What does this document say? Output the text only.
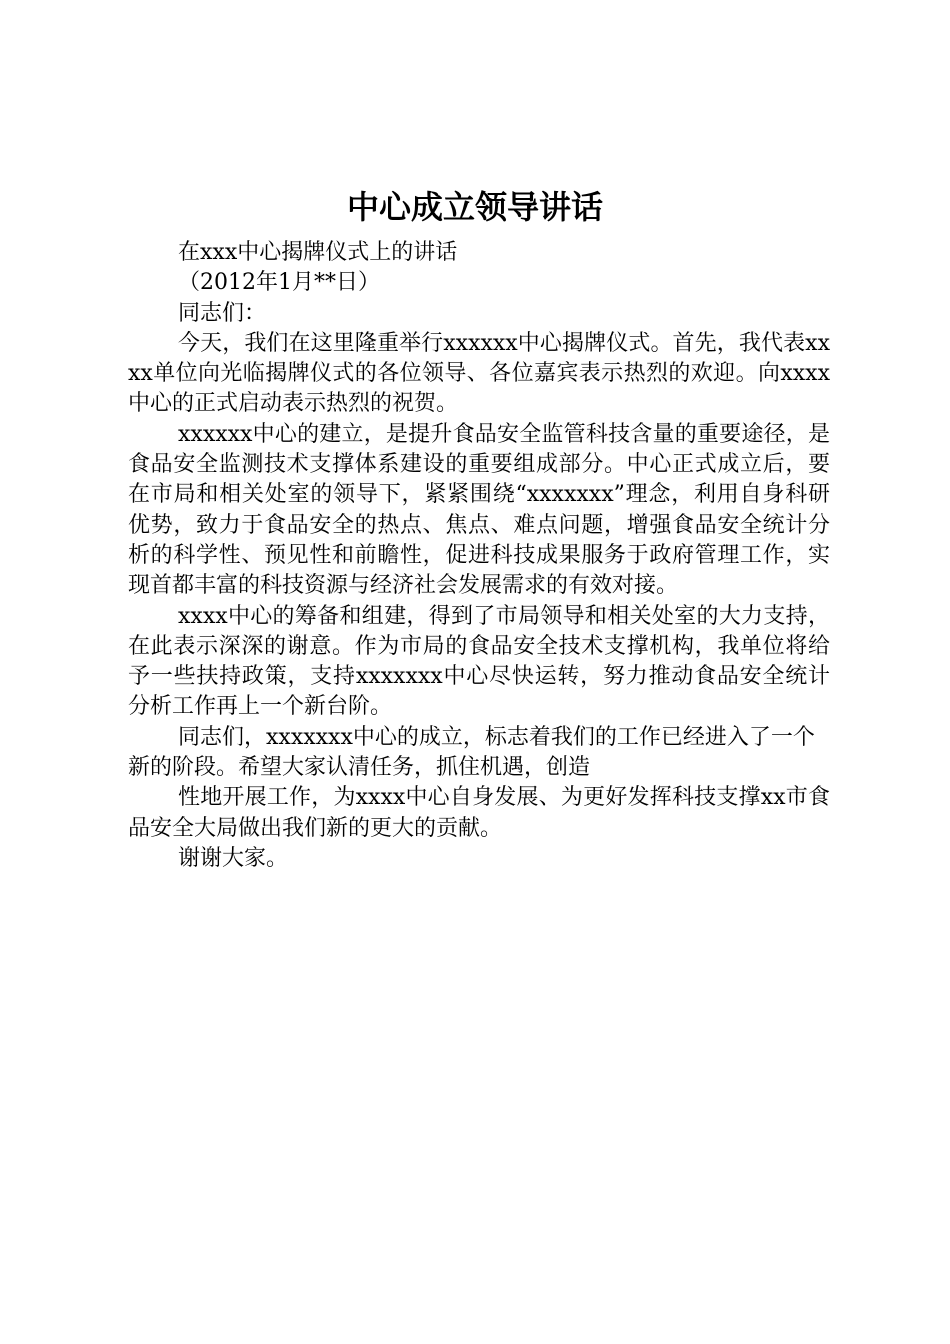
中心成立领导讲话

在xxx中心揭牌仪式上的讲话

（2012年1月**日）

同志们：

今天，我们在这里隆重举行xxxxxx中心揭牌仪式。首先，我代表xxxx单位向光临揭牌仪式的各位领导、各位嘉宾表示热烈的欢迎。向xxxx中心的正式启动表示热烈的祝贺。

xxxxxx中心的建立，是提升食品安全监管科技含量的重要途径，是食品安全监测技术支撑体系建设的重要组成部分。中心正式成立后，要在市局和相关处室的领导下，紧紧围绕“xxxxxxx”理念，利用自身科研优势，致力于食品安全的热点、焦点、难点问题，增强食品安全统计分析的科学性、预见性和前瞻性，促进科技成果服务于政府管理工作，实现首都丰富的科技资源与经济社会发展需求的有效对接。

xxxx中心的筹备和组建，得到了市局领导和相关处室的大力支持，在此表示深深的谢意。作为市局的食品安全技术支撑机构，我单位将给予一些扶持政策，支持xxxxxxx中心尽快运转，努力推动食品安全统计分析工作再上一个新台阶。

同志们，xxxxxxx中心的成立，标志着我们的工作已经进入了一个新的阶段。希望大家认清任务，抓住机遇，创造

性地开展工作，为xxxx中心自身发展、为更好发挥科技支撑xx市食品安全大局做出我们新的更大的贡献。

谢谢大家。
